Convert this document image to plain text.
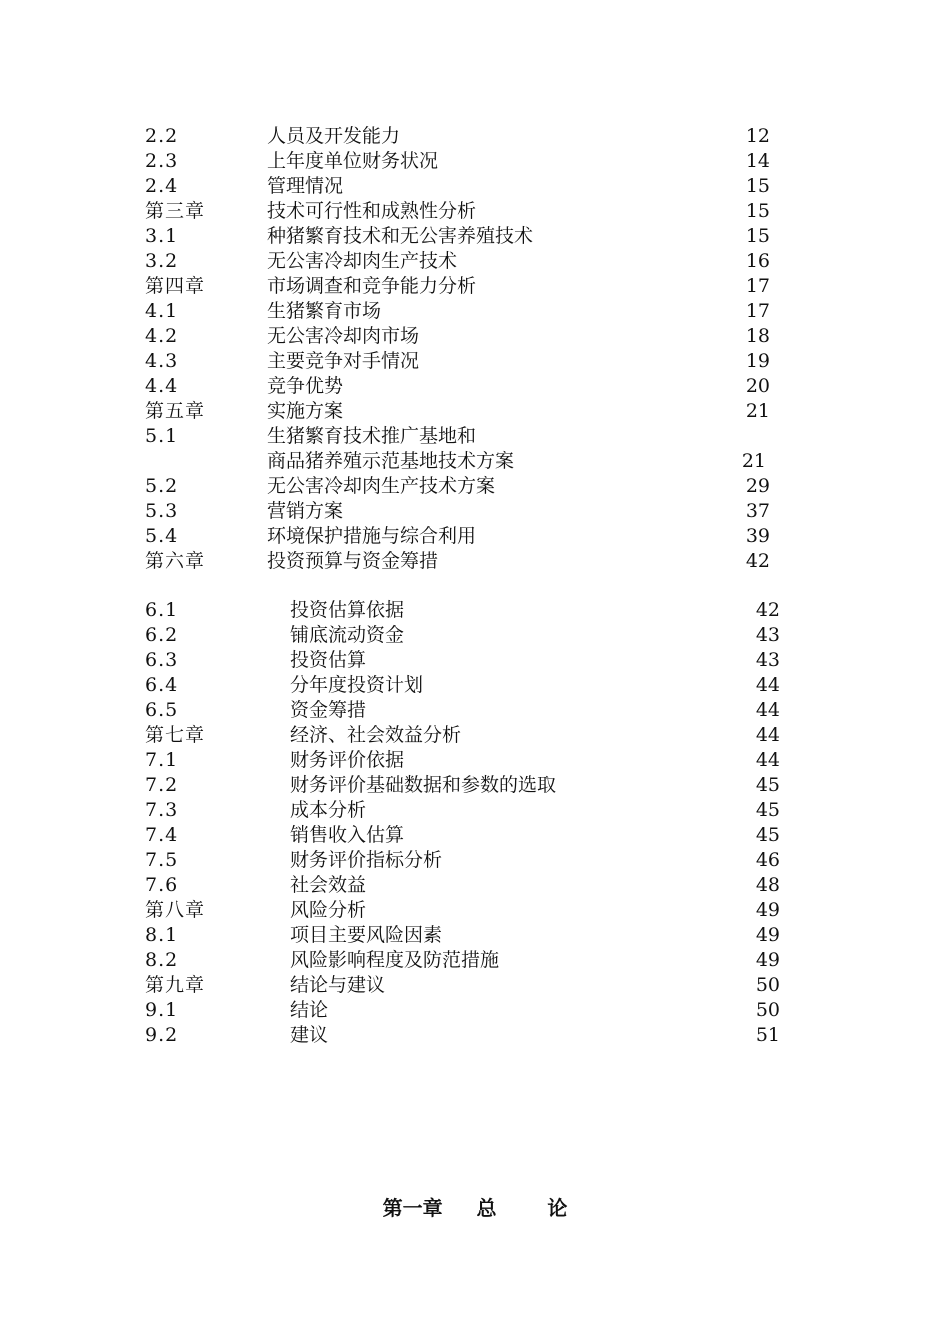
2.2	人员及开发能力	12
2.3	上年度单位财务状况	14
2.4	管理情况	15
第三章	技术可行性和成熟性分析	15
3.1	种猪繁育技术和无公害养殖技术	15
3.2	无公害冷却肉生产技术	16
第四章	市场调查和竞争能力分析	17
4.1	生猪繁育市场	17
4.2	无公害冷却肉市场	18
4.3	主要竞争对手情况	19
4.4	竞争优势	20
第五章	实施方案	21
5.1	生猪繁育技术推广基地和
商品猪养殖示范基地技术方案	21
5.2	无公害冷却肉生产技术方案	29
5.3	营销方案	37
5.4	环境保护措施与综合利用	39
第六章	投资预算与资金筹措	42
6.1	投资估算依据	42
6.2	铺底流动资金	43
6.3	投资估算	43
6.4	分年度投资计划	44
6.5	资金筹措	44
第七章	经济、社会效益分析	44
7.1	财务评价依据	44
7.2	财务评价基础数据和参数的选取	45
7.3	成本分析	45
7.4	销售收入估算	45
7.5	财务评价指标分析	46
7.6	社会效益	48
第八章	风险分析	49
8.1	项目主要风险因素	49
8.2	风险影响程度及防范措施	49
第九章	结论与建议	50
9.1	结论	50
9.2	建议	51
第一章  总   论
